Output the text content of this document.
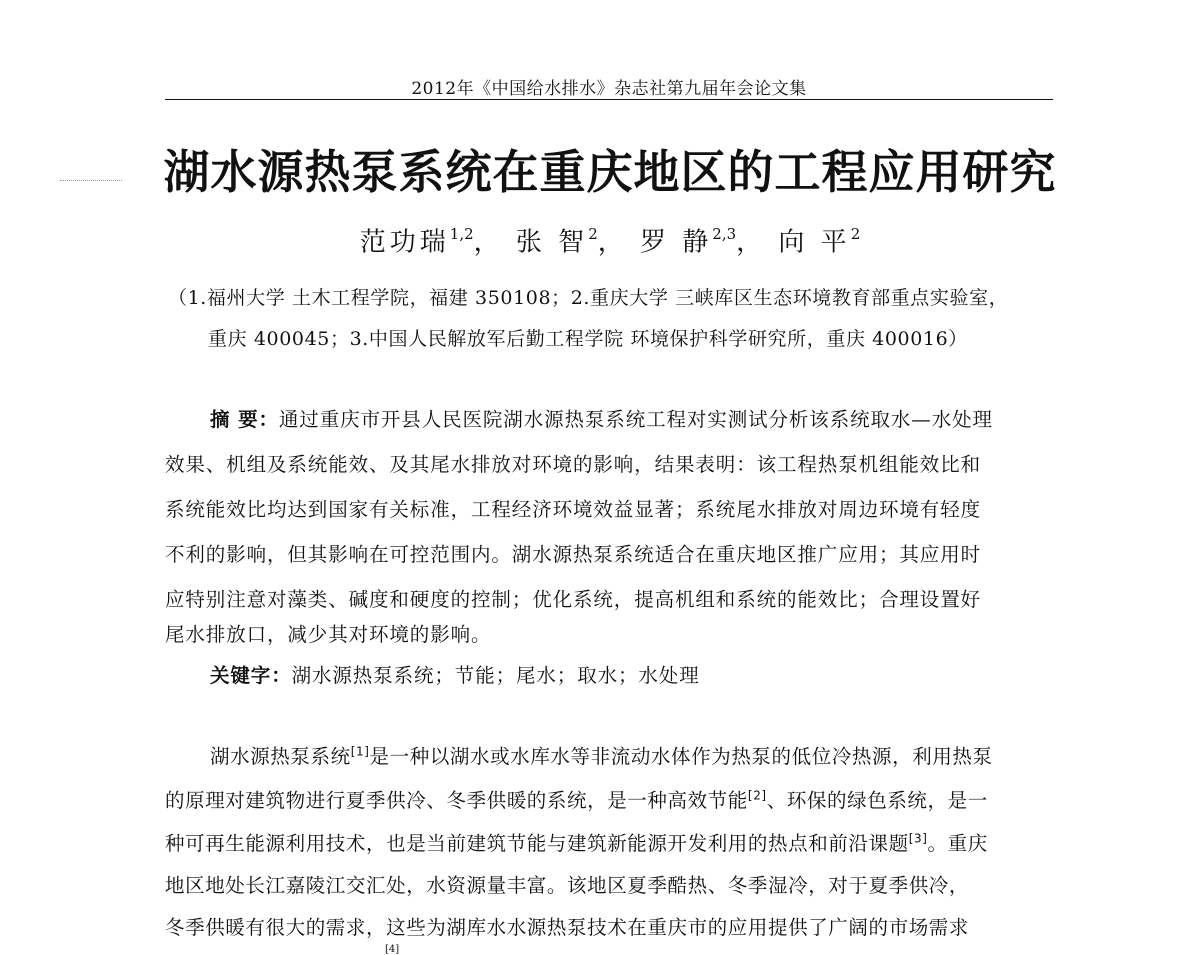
2012年《中国给水排水》杂志社第九届年会论文集
湖水源热泵系统在重庆地区的工程应用研究
范功瑞$^{1,2}$， 张 智$^2$， 罗 静$^{2,3}$， 向 平$^2$
（1.福州大学 土木工程学院，福建 350108；2.重庆大学 三峡库区生态环境教育部重点实验室，
重庆 400045；3.中国人民解放军后勤工程学院 环境保护科学研究所，重庆 400016）
摘 要：通过重庆市开县人民医院湖水源热泵系统工程对实测试分析该系统取水—水处理
效果、机组及系统能效、及其尾水排放对环境的影响，结果表明：该工程热泵机组能效比和
系统能效比均达到国家有关标准，工程经济环境效益显著；系统尾水排放对周边环境有轻度
不利的影响，但其影响在可控范围内。湖水源热泵系统适合在重庆地区推广应用；其应用时
应特别注意对藻类、碱度和硬度的控制；优化系统，提高机组和系统的能效比；合理设置好
尾水排放口，减少其对环境的影响。
关键字：湖水源热泵系统；节能；尾水；取水；水处理
湖水源热泵系统[1]是一种以湖水或水库水等非流动水体作为热泵的低位冷热源，利用热泵
的原理对建筑物进行夏季供冷、冬季供暖的系统，是一种高效节能[2]、环保的绿色系统，是一
种可再生能源利用技术，也是当前建筑节能与建筑新能源开发利用的热点和前沿课题[3]。重庆
地区地处长江嘉陵江交汇处，水资源量丰富。该地区夏季酷热、冬季湿冷，对于夏季供冷，
冬季供暖有很大的需求，这些为湖库水水源热泵技术在重庆市的应用提供了广阔的市场需求
[4]
